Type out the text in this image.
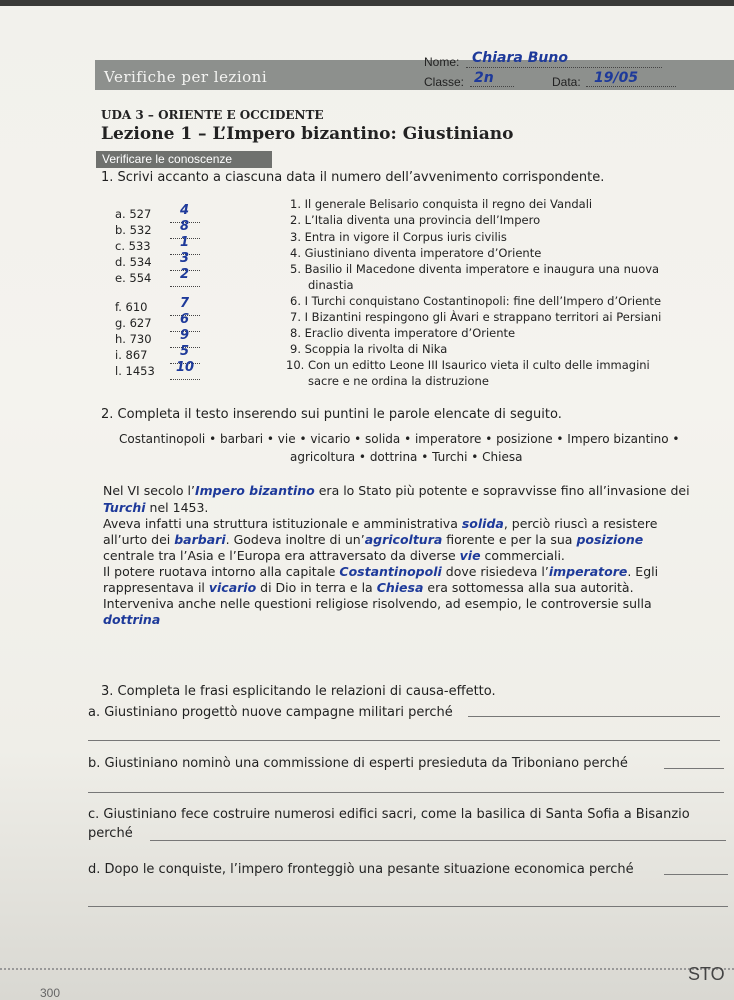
Verifiche per lezioni
Nome: Chiara Buno
Classe: 2n	Data: 19/05
UDA 3 – ORIENTE E OCCIDENTE
Lezione 1 – L’Impero bizantino: Giustiniano
Verificare le conoscenze
1. Scrivi accanto a ciascuna data il numero dell’avvenimento corrispondente.
a. 527
b. 532
c. 533
d. 534
e. 554
f. 610
g. 627
h. 730
i. 867
l. 1453
4
8
1
3
2
7
6
9
5
10
1. Il generale Belisario conquista il regno dei Vandali
2. L’Italia diventa una provincia dell’Impero
3. Entra in vigore il Corpus iuris civilis
4. Giustiniano diventa imperatore d’Oriente
5. Basilio il Macedone diventa imperatore e inaugura una nuova
dinastia
6. I Turchi conquistano Costantinopoli: fine dell’Impero d’Oriente
7. I Bizantini respingono gli Àvari e strappano territori ai Persiani
8. Eraclio diventa imperatore d’Oriente
9. Scoppia la rivolta di Nika
10. Con un editto Leone III Isaurico vieta il culto delle immagini
sacre e ne ordina la distruzione
2. Completa il testo inserendo sui puntini le parole elencate di seguito.
Costantinopoli • barbari • vie • vicario • solida • imperatore • posizione • Impero bizantino •
agricoltura • dottrina • Turchi • Chiesa
Nel VI secolo l’Impero bizantino era lo Stato più potente e sopravvisse fino all’invasione dei
Turchi nel 1453.
Aveva infatti una struttura istituzionale e amministrativa solida, perciò riuscì a resistere
all’urto dei barbari. Godeva inoltre di un’agricoltura fiorente e per la sua posizione
centrale tra l’Asia e l’Europa era attraversato da diverse vie commerciali.
Il potere ruotava intorno alla capitale Costantinopoli dove risiedeva l’imperatore. Egli
rappresentava il vicario di Dio in terra e la Chiesa era sottomessa alla sua autorità.
Interveniva anche nelle questioni religiose risolvendo, ad esempio, le controversie sulla
dottrina
3. Completa le frasi esplicitando le relazioni di causa-effetto.
a. Giustiniano progettò nuove campagne militari perché
b. Giustiniano nominò una commissione di esperti presieduta da Triboniano perché
c. Giustiniano fece costruire numerosi edifici sacri, come la basilica di Santa Sofia a Bisanzio
perché
d. Dopo le conquiste, l’impero fronteggiò una pesante situazione economica perché
STO
300
